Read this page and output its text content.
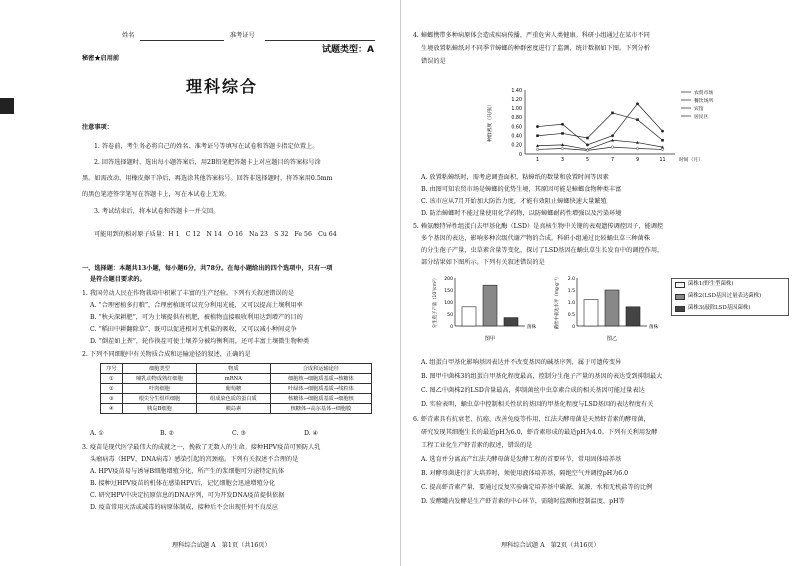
姓名	准考证号
试题类型：A
秘密★启用前
理科综合
注意事项：
1. 答卷前，考生务必将自己的姓名、准考证号等填写在试卷和答题卡指定位置上。
2. 回答选择题时，选出每小题答案后，用2B铅笔把答题卡上对应题目的答案标号涂
黑。如需改动，用橡皮擦干净后，再选涂其他答案标号。回答非选择题时，将答案用0.5mm
的黑色笔迹签字笔写在答题卡上，写在本试卷上无效。
3. 考试结束后，将本试卷和答题卡一并交回。
可能用到的相对原子质量：H 1　C 12　N 14　O 16　Na 23　S 32　Fe 56　Cu 64
一、选择题：本题共13小题，每小题6分，共78分。在每小题给出的四个选项中，只有一项
是符合题目要求的。
1. 我国劳动人民在作物栽培中积累了丰富的生产经验。下列有关叙述错误的是
A. “合理密植多打粮”，合理密植既可以充分利用光能，又可以提高土壤利用率
B. “秋天深耕肥”，可为土壤提供有机肥，被植物直接吸收利用达到增产的目的
C. “稻田中耕翻除草”，既可以促进根对无机盐的吸收，又可以减小种间竞争
D. “倒茬如上粪”，轮作换茬可使土壤养分被均衡利用，还可丰富土壤微生物种类
2. 下列不同细胞中有关物质合成和运输途径的叙述，正确的是
序号	细胞类型	物质	合成和运输途径
①	哺乳动物成熟红细胞	mRNA	细胞核→细胞质基质→核糖体
②	叶肉细胞	葡萄糖	叶绿体→细胞质基质→线粒体
③	根尖分生组织细胞	组成染色质的蛋白质	核糖体→细胞质基质→细胞核
④	胰岛B细胞	胰岛素	核糖体→高尔基体→细胞膜
A. ①	B. ②	C. ③	D. ④
3. 疫苗是现代医学最伟大的成就之一，挽救了无数人的生命。接种HPV疫苗可预防人乳
头瘤病毒（HPV，DNA病毒）感染引起的宫颈癌。下列有关叙述不合理的是
A. HPV疫苗易与诱导B细胞增殖分化，所产生的浆细胞可分泌特定抗体
B. 接种过HPV疫苗的机体在感染HPV后，记忆细胞会迅速增殖分化
C. 研究HPV中决定抗原信息的DNA序列，可为开发DNA疫苗提供依据
D. 疫苗常用灭活或减毒的病原体制成，接种后不会出现任何不良反应
理科综合试题 A　第1页（共16页）
4. 蟑螂携带多种病原体会造成疾病传播，严重危害人类健康。科研小组通过在某市不同
生境放置粘蟑纸对不同季节蟑螂的种群密度进行了监测，统计数据如下图。下列分析
错误的是
0
0.20
0.40
0.60
0.80
1.00
1.20
1.40
1	3	5	7	9	11	时间（月）
种群密度（只/张）
农贸市场
餐饮场所
宾馆
居民区
A. 放置粘蟑纸时，需考虑调查面积、粘蟑纸的数量和放置时间等因素
B. 由图可知农贸市场是蟑螂的优势生境，其原因可能是蟑螂食物种类丰富
C. 该市应从7月开始加大防治力度，才能有效阻止蟑螂快速大量繁殖
D. 防治蟑螂时不能过量使用化学药物，以防蟑螂耐药性增强以及污染环境
5. 赖氨酸特异性组蛋白去甲基化酶（LSD）是真核生物中关键的表观遗传调控因子，能调控
多个基因的表达，影响多种次级代谢产物的合成。科研小组通过比较蛹虫草三种菌株
的分生孢子产量，虫草素含量等变化，探讨了LSD基因在蛹虫草生长发育中的调控作用，
部分结果如下图所示。下列有关叙述错误的是
0
50
100
150
200
菌株
图甲
分生孢子产量（10⁷/cm²）	0
0.5
1.0
1.5
2.0
菌株
图乙
菌丝中表达水平（mg·g⁻¹）	菌株1(野生型菌株)
菌株2(LSD基因过量表达菌株)
菌株3(敲除LSD基因菌株)
A. 组蛋白甲基化影响基因表达并不改变基因的碱基序列，属于可遗传变异
B. 图甲中菌株3的组蛋白甲基化程度最高，控制分生孢子产量的基因的表达受到抑制最大
C. 图乙中菌株2的LSD含量最高，抑制菌丝中虫草素合成的相关基因可能过量表达
D. 实验表明，蛹虫草中控制相关性状的基因的甲基化程度与LSD基因的表达程度有关
6. 虾青素具有抗衰老、抗癌、改善免疫等作用，红法夫酵母菌是天然虾青素的酵母菌，
研究发现其细胞生长的最适pH为6.0，虾青素形成的最适pH为4.0。下列有关利用发酵
工程工业化生产虾青素的叙述，错误的是
A. 选育并分离高产红法夫酵母菌是发酵工程的首要环节，常用固体培养基
B. 对酵母菌进行扩大培养时，须使用液体培养基，隔绝空气并调控pH为6.0
C. 提高虾青素产量，要通过反复实验确定培养基中碳源、氮源、水和无机盐等的比例
D. 发酵罐内发酵是生产虾青素的中心环节，需随时监测和控制温度、pH等
理科综合试题 A　第2页（共16页）
